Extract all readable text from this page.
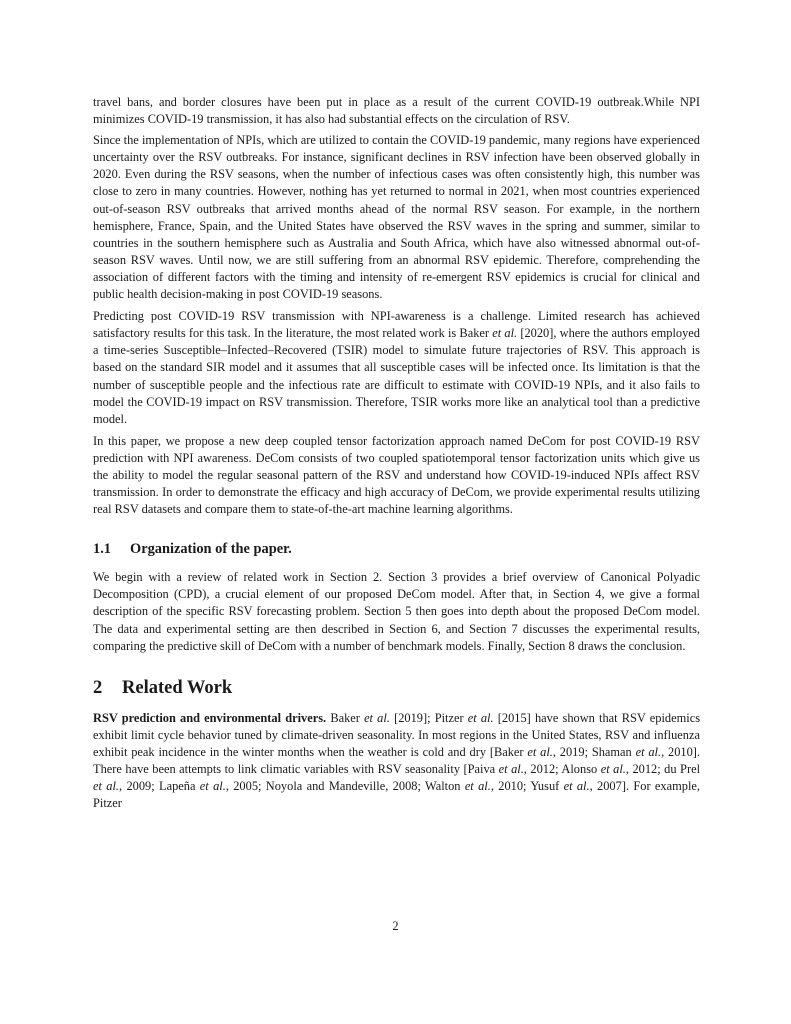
travel bans, and border closures have been put in place as a result of the current COVID-19 outbreak.While NPI minimizes COVID-19 transmission, it has also had substantial effects on the circulation of RSV.

Since the implementation of NPIs, which are utilized to contain the COVID-19 pandemic, many regions have experienced uncertainty over the RSV outbreaks. For instance, significant declines in RSV infection have been observed globally in 2020. Even during the RSV seasons, when the number of infectious cases was often consistently high, this number was close to zero in many countries. However, nothing has yet returned to normal in 2021, when most countries experienced out-of-season RSV outbreaks that arrived months ahead of the normal RSV season. For example, in the northern hemisphere, France, Spain, and the United States have observed the RSV waves in the spring and summer, similar to countries in the southern hemisphere such as Australia and South Africa, which have also witnessed abnormal out-of-season RSV waves. Until now, we are still suffering from an abnormal RSV epidemic. Therefore, comprehending the association of different factors with the timing and intensity of re-emergent RSV epidemics is crucial for clinical and public health decision-making in post COVID-19 seasons.

Predicting post COVID-19 RSV transmission with NPI-awareness is a challenge. Limited research has achieved satisfactory results for this task. In the literature, the most related work is Baker et al. [2020], where the authors employed a time-series Susceptible–Infected–Recovered (TSIR) model to simulate future trajectories of RSV. This approach is based on the standard SIR model and it assumes that all susceptible cases will be infected once. Its limitation is that the number of susceptible people and the infectious rate are difficult to estimate with COVID-19 NPIs, and it also fails to model the COVID-19 impact on RSV transmission. Therefore, TSIR works more like an analytical tool than a predictive model.

In this paper, we propose a new deep coupled tensor factorization approach named DeCom for post COVID-19 RSV prediction with NPI awareness. DeCom consists of two coupled spatiotemporal tensor factorization units which give us the ability to model the regular seasonal pattern of the RSV and understand how COVID-19-induced NPIs affect RSV transmission. In order to demonstrate the efficacy and high accuracy of DeCom, we provide experimental results utilizing real RSV datasets and compare them to state-of-the-art machine learning algorithms.

1.1 Organization of the paper.

We begin with a review of related work in Section 2. Section 3 provides a brief overview of Canonical Polyadic Decomposition (CPD), a crucial element of our proposed DeCom model. After that, in Section 4, we give a formal description of the specific RSV forecasting problem. Section 5 then goes into depth about the proposed DeCom model. The data and experimental setting are then described in Section 6, and Section 7 discusses the experimental results, comparing the predictive skill of DeCom with a number of benchmark models. Finally, Section 8 draws the conclusion.

2 Related Work

RSV prediction and environmental drivers. Baker et al. [2019]; Pitzer et al. [2015] have shown that RSV epidemics exhibit limit cycle behavior tuned by climate-driven seasonality. In most regions in the United States, RSV and influenza exhibit peak incidence in the winter months when the weather is cold and dry [Baker et al., 2019; Shaman et al., 2010]. There have been attempts to link climatic variables with RSV seasonality [Paiva et al., 2012; Alonso et al., 2012; du Prel et al., 2009; Lapeña et al., 2005; Noyola and Mandeville, 2008; Walton et al., 2010; Yusuf et al., 2007]. For example, Pitzer

2
